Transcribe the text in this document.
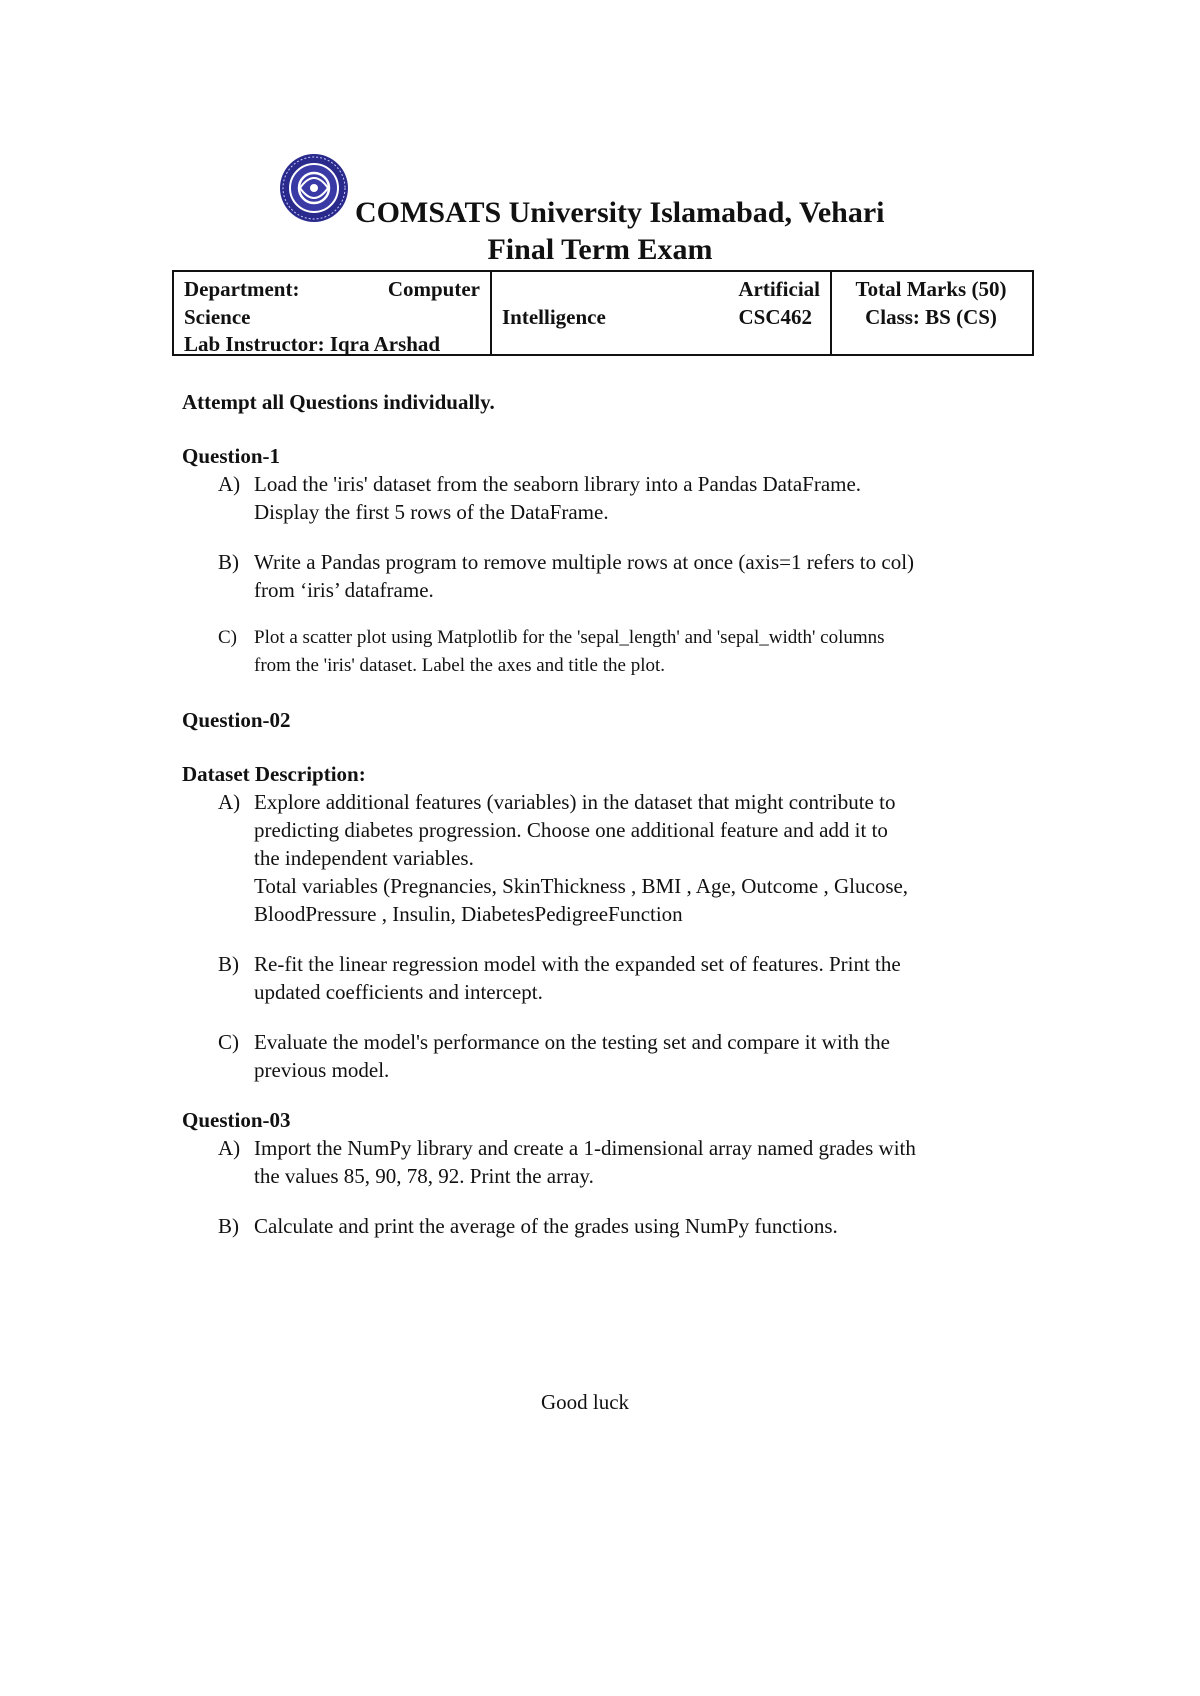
COMSATS University Islamabad, Vehari
Final Term Exam
Department:	Computer
Science
Lab Instructor: Iqra Arshad
Artificial
Intelligence	CSC462
Total Marks (50)
Class: BS (CS)
Attempt all Questions individually.
Question-1
A) Load the 'iris' dataset from the seaborn library into a Pandas DataFrame.
Display the first 5 rows of the DataFrame.
B) Write a Pandas program to remove multiple rows at once (axis=1 refers to col)
from ‘iris’ dataframe.
C) Plot a scatter plot using Matplotlib for the 'sepal_length' and 'sepal_width' columns
from the 'iris' dataset. Label the axes and title the plot.
Question-02
Dataset Description:
A) Explore additional features (variables) in the dataset that might contribute to
predicting diabetes progression. Choose one additional feature and add it to
the independent variables.
Total variables (Pregnancies, SkinThickness , BMI , Age, Outcome , Glucose,
BloodPressure , Insulin, DiabetesPedigreeFunction
B) Re-fit the linear regression model with the expanded set of features. Print the
updated coefficients and intercept.
C) Evaluate the model's performance on the testing set and compare it with the
previous model.
Question-03
A) Import the NumPy library and create a 1-dimensional array named grades with
the values 85, 90, 78, 92. Print the array.
B) Calculate and print the average of the grades using NumPy functions.
Good luck
